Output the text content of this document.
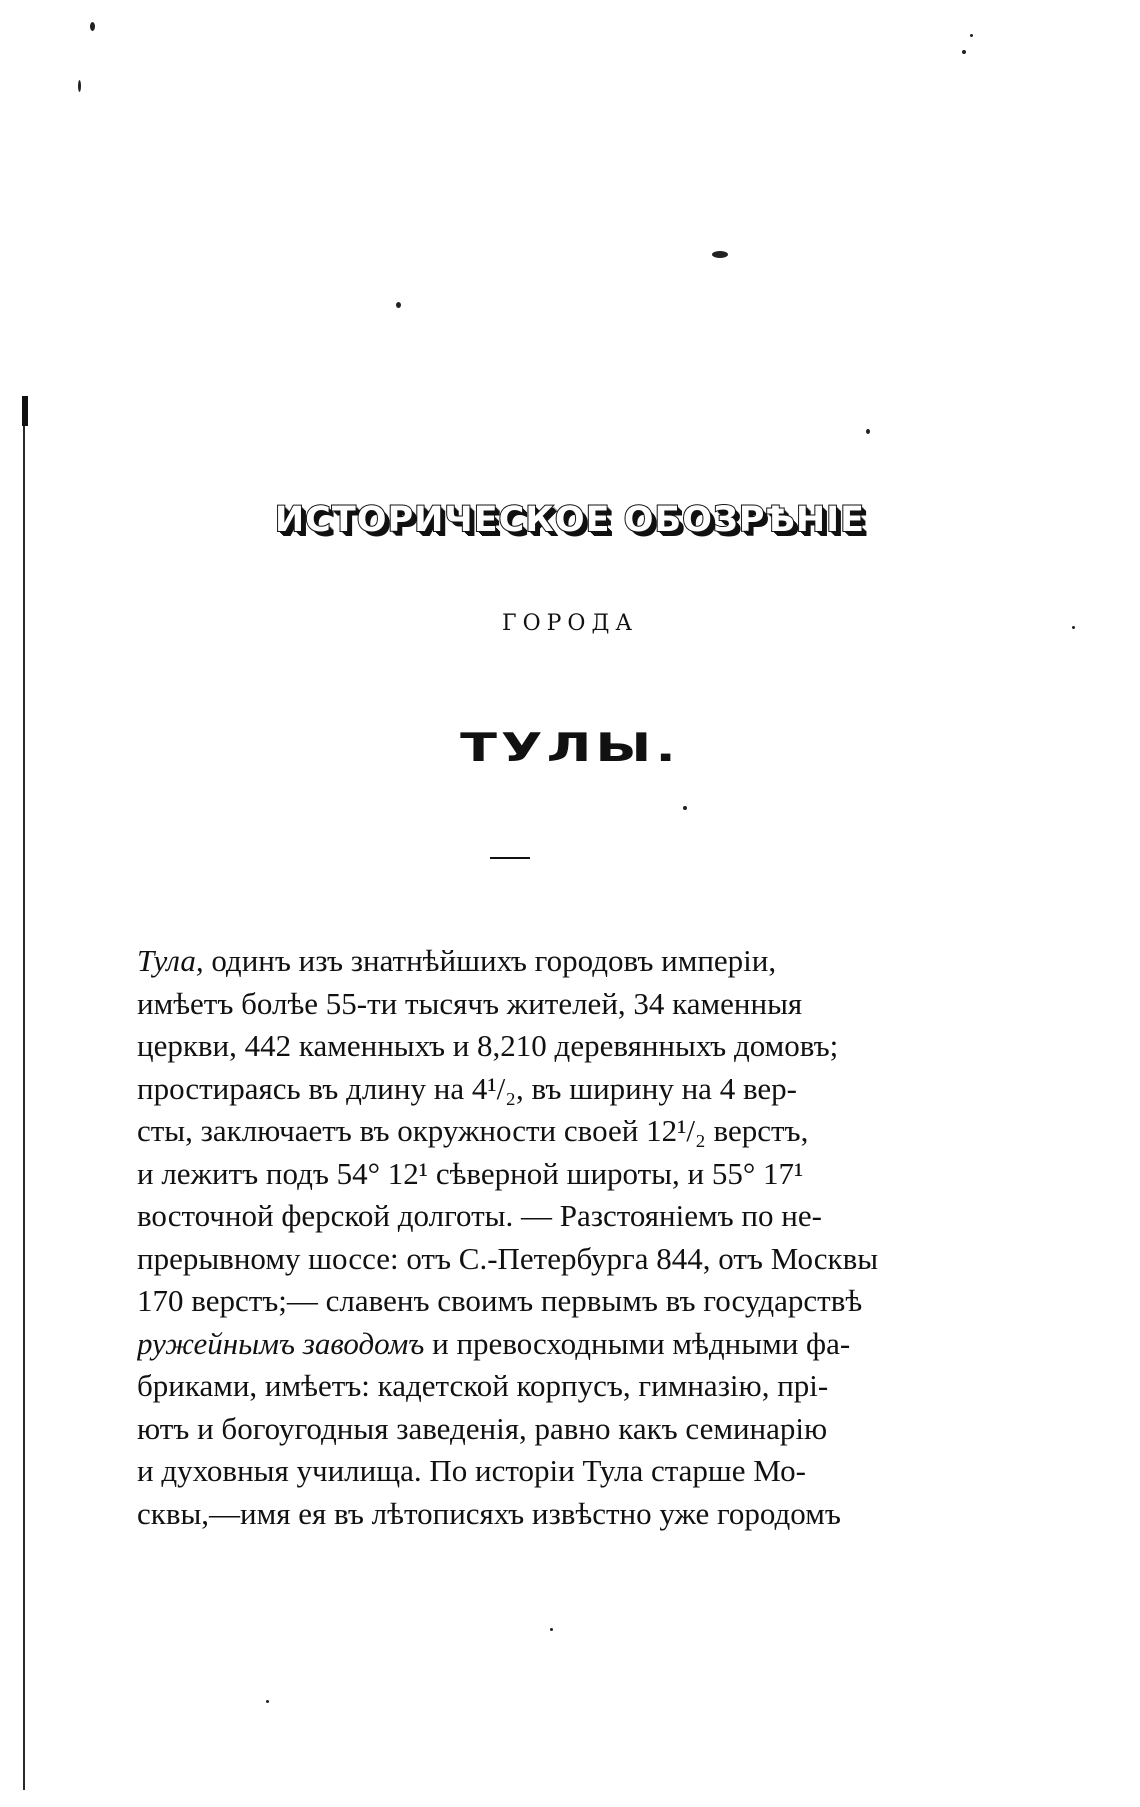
ИСТОРИЧЕСКОЕ ОБОЗРѢНІЕ
ГОРОДА
ТУЛЫ.
Тула, одинъ изъ знатнѣйшихъ городовъ имперіи,
имѣетъ болѣе 55-ти тысячъ жителей, 34 каменныя
церкви, 442 каменныхъ и 8,210 деревянныхъ домовъ;
простираясь въ длину на 4¹/₂, въ ширину на 4 вер-
сты, заключаетъ въ окружности своей 12¹/₂ верстъ,
и лежитъ подъ 54° 12¹ сѣверной широты, и 55° 17¹
восточной ферской долготы. — Разстояніемъ по не-
прерывному шоссе: отъ С.-Петербурга 844, отъ Москвы
170 верстъ;— славенъ своимъ первымъ въ государствѣ
ружейнымъ заводомъ и превосходными мѣдными фа-
бриками, имѣетъ: кадетской корпусъ, гимназію, прі-
ютъ и богоугодныя заведенія, равно какъ семинарію
и духовныя училища. По исторіи Тула старше Мо-
сквы,—имя ея въ лѣтописяхъ извѣстно уже городомъ
